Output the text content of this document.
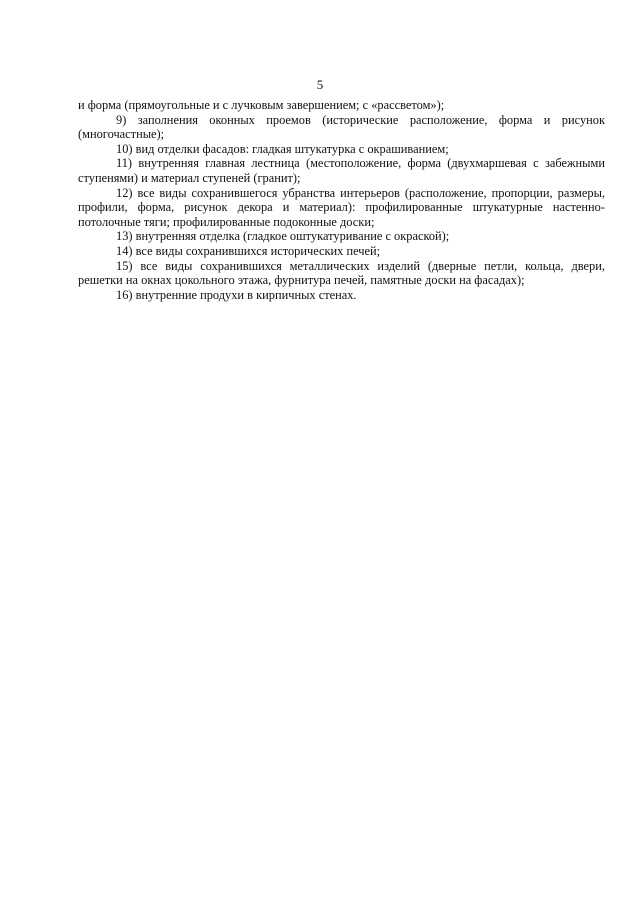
5

и форма (прямоугольные и с лучковым завершением; с «рассветом»);

9) заполнения оконных проемов (исторические расположение, форма и рисунок (многочастные);

10) вид отделки фасадов: гладкая штукатурка с окрашиванием;

11) внутренняя главная лестница (местоположение, форма (двухмаршевая с забежными ступенями) и материал ступеней (гранит);

12) все виды сохранившегося убранства интерьеров (расположение, пропорции, размеры, профили, форма, рисунок декора и материал): профилированные штукатурные настенно-потолочные тяги; профилированные подоконные доски;

13) внутренняя отделка (гладкое оштукатуривание с окраской);

14) все виды сохранившихся исторических печей;

15) все виды сохранившихся металлических изделий (дверные петли, кольца, двери, решетки на окнах цокольного этажа, фурнитура печей, памятные доски на фасадах);

16) внутренние продухи в кирпичных стенах.
